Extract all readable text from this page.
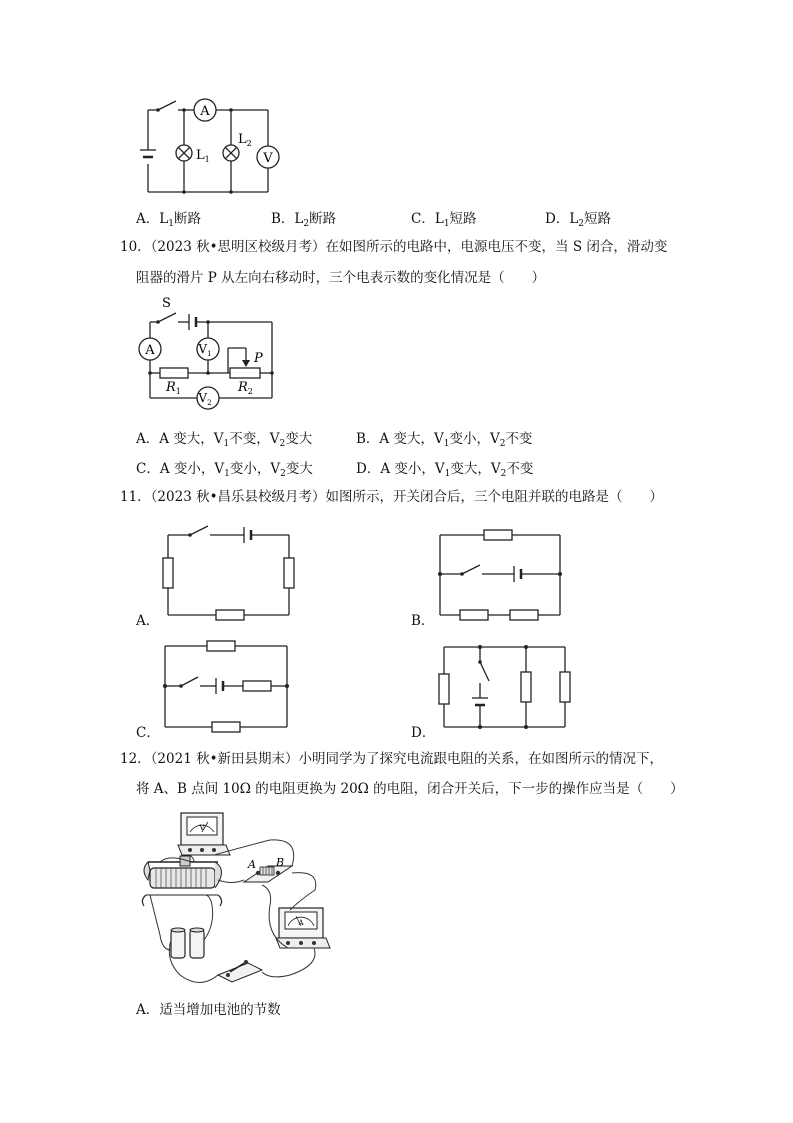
A
V
$L_1$
$L_2$
A．$L_1$断路	B．$L_2$断路	C．$L_1$短路	D．$L_2$短路
10．（2023 秋•思明区校级月考）在如图所示的电路中，电源电压不变，当 S 闭合，滑动变
阻器的滑片 P 从左向右移动时，三个电表示数的变化情况是（　　）
S
A	$V_1$
$V_2$
$R_1$	$R_2$
P
A．A 变大，$V_1$不变，$V_2$变大	B．A 变大，$V_1$变小，$V_2$不变
C．A 变小，$V_1$变小，$V_2$变大	D．A 变小，$V_1$变大，$V_2$不变
11．（2023 秋•昌乐县校级月考）如图所示，开关闭合后，三个电阻并联的电路是（　　）
A．	B．
C．	D．
12．（2021 秋•新田县期末）小明同学为了探究电流跟电阻的关系，在如图所示的情况下，
将 A、B 点间 10Ω 的电阻更换为 20Ω 的电阻，闭合开关后，下一步的操作应当是（　　）
V
A B
A
A．适当增加电池的节数
